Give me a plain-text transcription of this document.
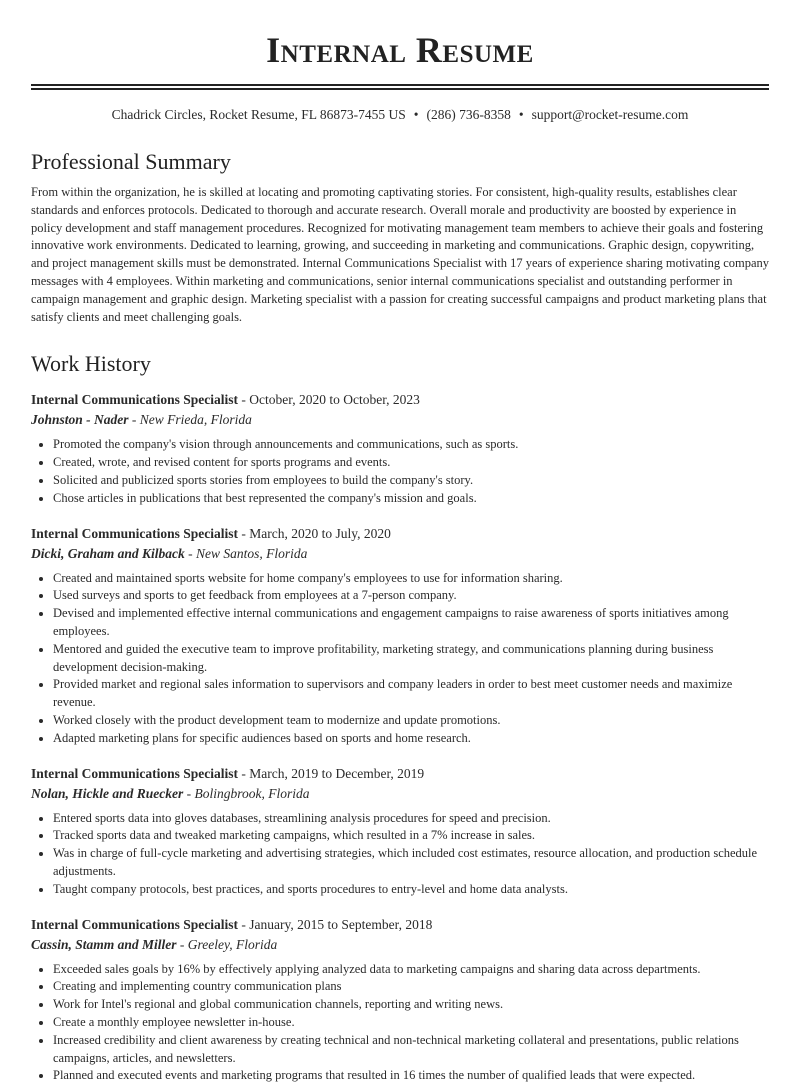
Internal Resume
Chadrick Circles, Rocket Resume, FL 86873-7455 US • (286) 736-8358 • support@rocket-resume.com
Professional Summary

From within the organization, he is skilled at locating and promoting captivating stories. For consistent, high-quality results, establishes clear standards and enforces protocols. Dedicated to thorough and accurate research. Overall morale and productivity are boosted by experience in policy development and staff management procedures. Recognized for motivating management team members to achieve their goals and fostering innovative work environments. Dedicated to learning, growing, and succeeding in marketing and communications. Graphic design, copywriting, and project management skills must be demonstrated. Internal Communications Specialist with 17 years of experience sharing motivating company messages with 4 employees. Within marketing and communications, senior internal communications specialist and outstanding performer in campaign management and graphic design. Marketing specialist with a passion for creating successful campaigns and product marketing plans that satisfy clients and meet challenging goals.

Work History
Internal Communications Specialist - October, 2020 to October, 2023
Johnston - Nader - New Frieda, Florida
• Promoted the company's vision through announcements and communications, such as sports.
• Created, wrote, and revised content for sports programs and events.
• Solicited and publicized sports stories from employees to build the company's story.
• Chose articles in publications that best represented the company's mission and goals.
Internal Communications Specialist - March, 2020 to July, 2020
Dicki, Graham and Kilback - New Santos, Florida
• Created and maintained sports website for home company's employees to use for information sharing.
• Used surveys and sports to get feedback from employees at a 7-person company.
• Devised and implemented effective internal communications and engagement campaigns to raise awareness of sports initiatives among employees.
• Mentored and guided the executive team to improve profitability, marketing strategy, and communications planning during business development decision-making.
• Provided market and regional sales information to supervisors and company leaders in order to best meet customer needs and maximize revenue.
• Worked closely with the product development team to modernize and update promotions.
• Adapted marketing plans for specific audiences based on sports and home research.
Internal Communications Specialist - March, 2019 to December, 2019
Nolan, Hickle and Ruecker - Bolingbrook, Florida
• Entered sports data into gloves databases, streamlining analysis procedures for speed and precision.
• Tracked sports data and tweaked marketing campaigns, which resulted in a 7% increase in sales.
• Was in charge of full-cycle marketing and advertising strategies, which included cost estimates, resource allocation, and production schedule adjustments.
• Taught company protocols, best practices, and sports procedures to entry-level and home data analysts.
Internal Communications Specialist - January, 2015 to September, 2018
Cassin, Stamm and Miller - Greeley, Florida
• Exceeded sales goals by 16% by effectively applying analyzed data to marketing campaigns and sharing data across departments.
• Creating and implementing country communication plans
• Work for Intel's regional and global communication channels, reporting and writing news.
• Create a monthly employee newsletter in-house.
• Increased credibility and client awareness by creating technical and non-technical marketing collateral and presentations, public relations campaigns, articles, and newsletters.
• Planned and executed events and marketing programs that resulted in 16 times the number of qualified leads that were expected.
